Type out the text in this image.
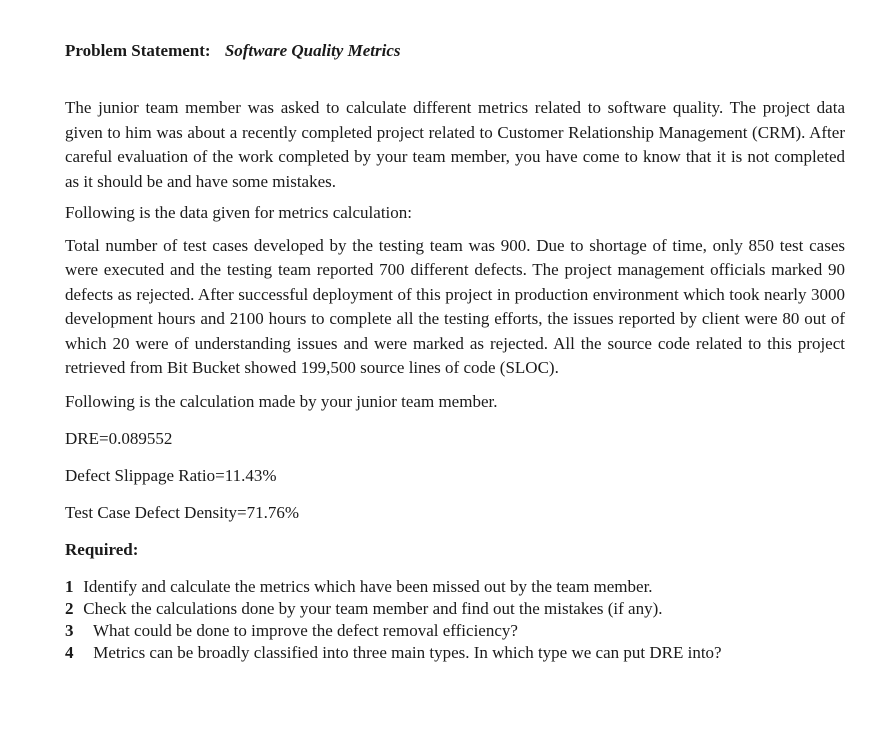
Problem Statement: Software Quality Metrics

The junior team member was asked to calculate different metrics related to software quality. The project data given to him was about a recently completed project related to Customer Relationship Management (CRM). After careful evaluation of the work completed by your team member, you have come to know that it is not completed as it should be and have some mistakes.

Following is the data given for metrics calculation:

Total number of test cases developed by the testing team was 900. Due to shortage of time, only 850 test cases were executed and the testing team reported 700 different defects. The project management officials marked 90 defects as rejected. After successful deployment of this project in production environment which took nearly 3000 development hours and 2100 hours to complete all the testing efforts, the issues reported by client were 80 out of which 20 were of understanding issues and were marked as rejected. All the source code related to this project retrieved from Bit Bucket showed 199,500 source lines of code (SLOC).

Following is the calculation made by your junior team member.

DRE=0.089552
Defect Slippage Ratio=11.43%
Test Case Defect Density=71.76%
Required:
1 Identify and calculate the metrics which have been missed out by the team member.
2 Check the calculations done by your team member and find out the mistakes (if any).
3 What could be done to improve the defect removal efficiency?
4 Metrics can be broadly classified into three main types. In which type we can put DRE into?
